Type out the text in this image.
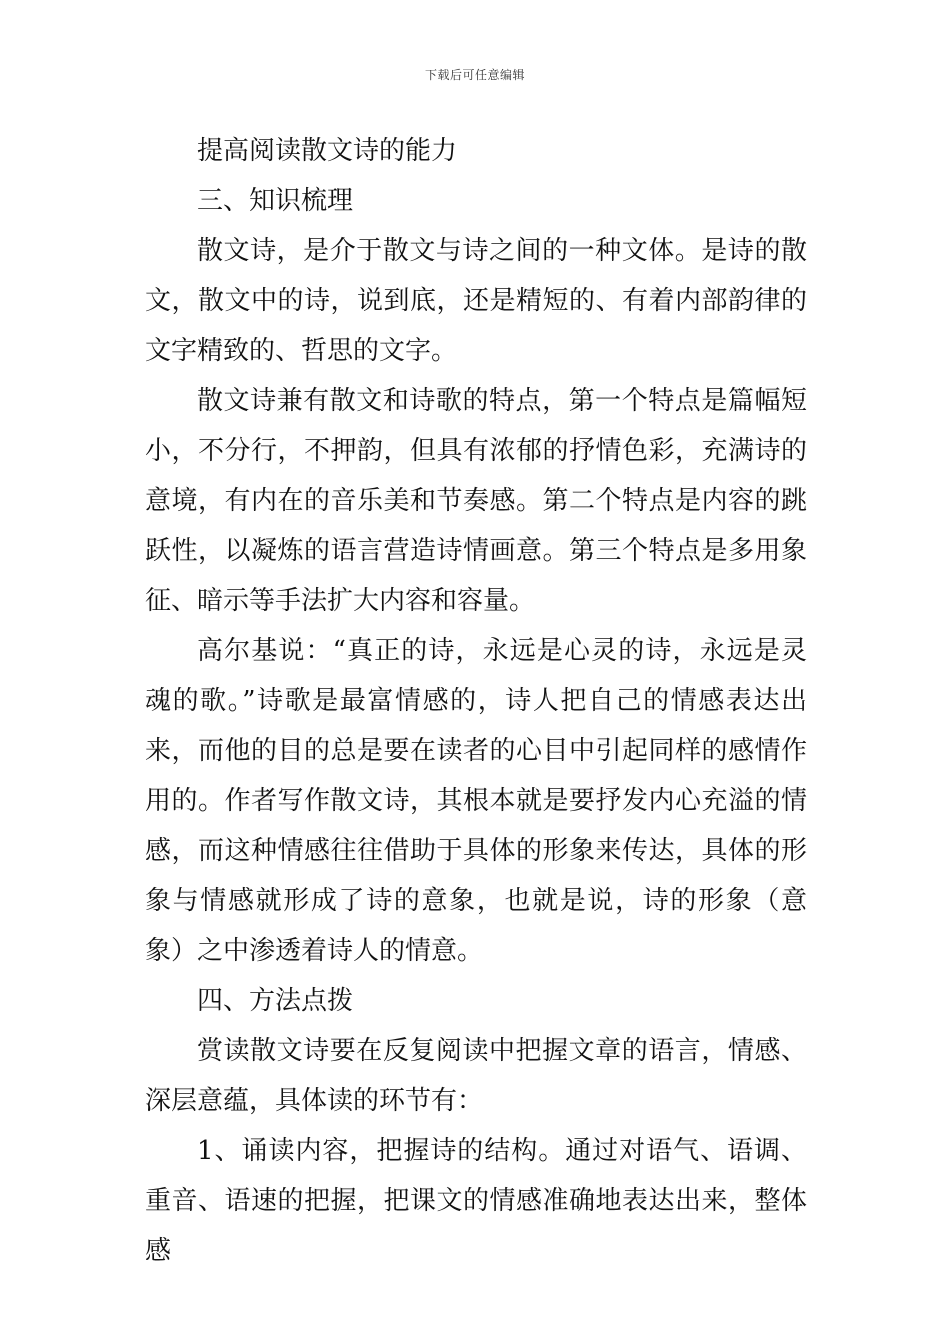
下载后可任意编辑

提高阅读散文诗的能力

三、知识梳理

散文诗，是介于散文与诗之间的一种文体。是诗的散文，散文中的诗，说到底，还是精短的、有着内部韵律的文字精致的、哲思的文字。

散文诗兼有散文和诗歌的特点，第一个特点是篇幅短小，不分行，不押韵，但具有浓郁的抒情色彩，充满诗的意境，有内在的音乐美和节奏感。第二个特点是内容的跳跃性，以凝炼的语言营造诗情画意。第三个特点是多用象征、暗示等手法扩大内容和容量。

高尔基说：“真正的诗，永远是心灵的诗，永远是灵魂的歌。”诗歌是最富情感的，诗人把自己的情感表达出来，而他的目的总是要在读者的心目中引起同样的感情作用的。作者写作散文诗，其根本就是要抒发内心充溢的情感，而这种情感往往借助于具体的形象来传达，具体的形象与情感就形成了诗的意象，也就是说，诗的形象（意象）之中渗透着诗人的情意。

四、方法点拨

赏读散文诗要在反复阅读中把握文章的语言，情感、深层意蕴，具体读的环节有：

1、诵读内容，把握诗的结构。通过对语气、语调、重音、语速的把握，把课文的情感准确地表达出来，整体感
